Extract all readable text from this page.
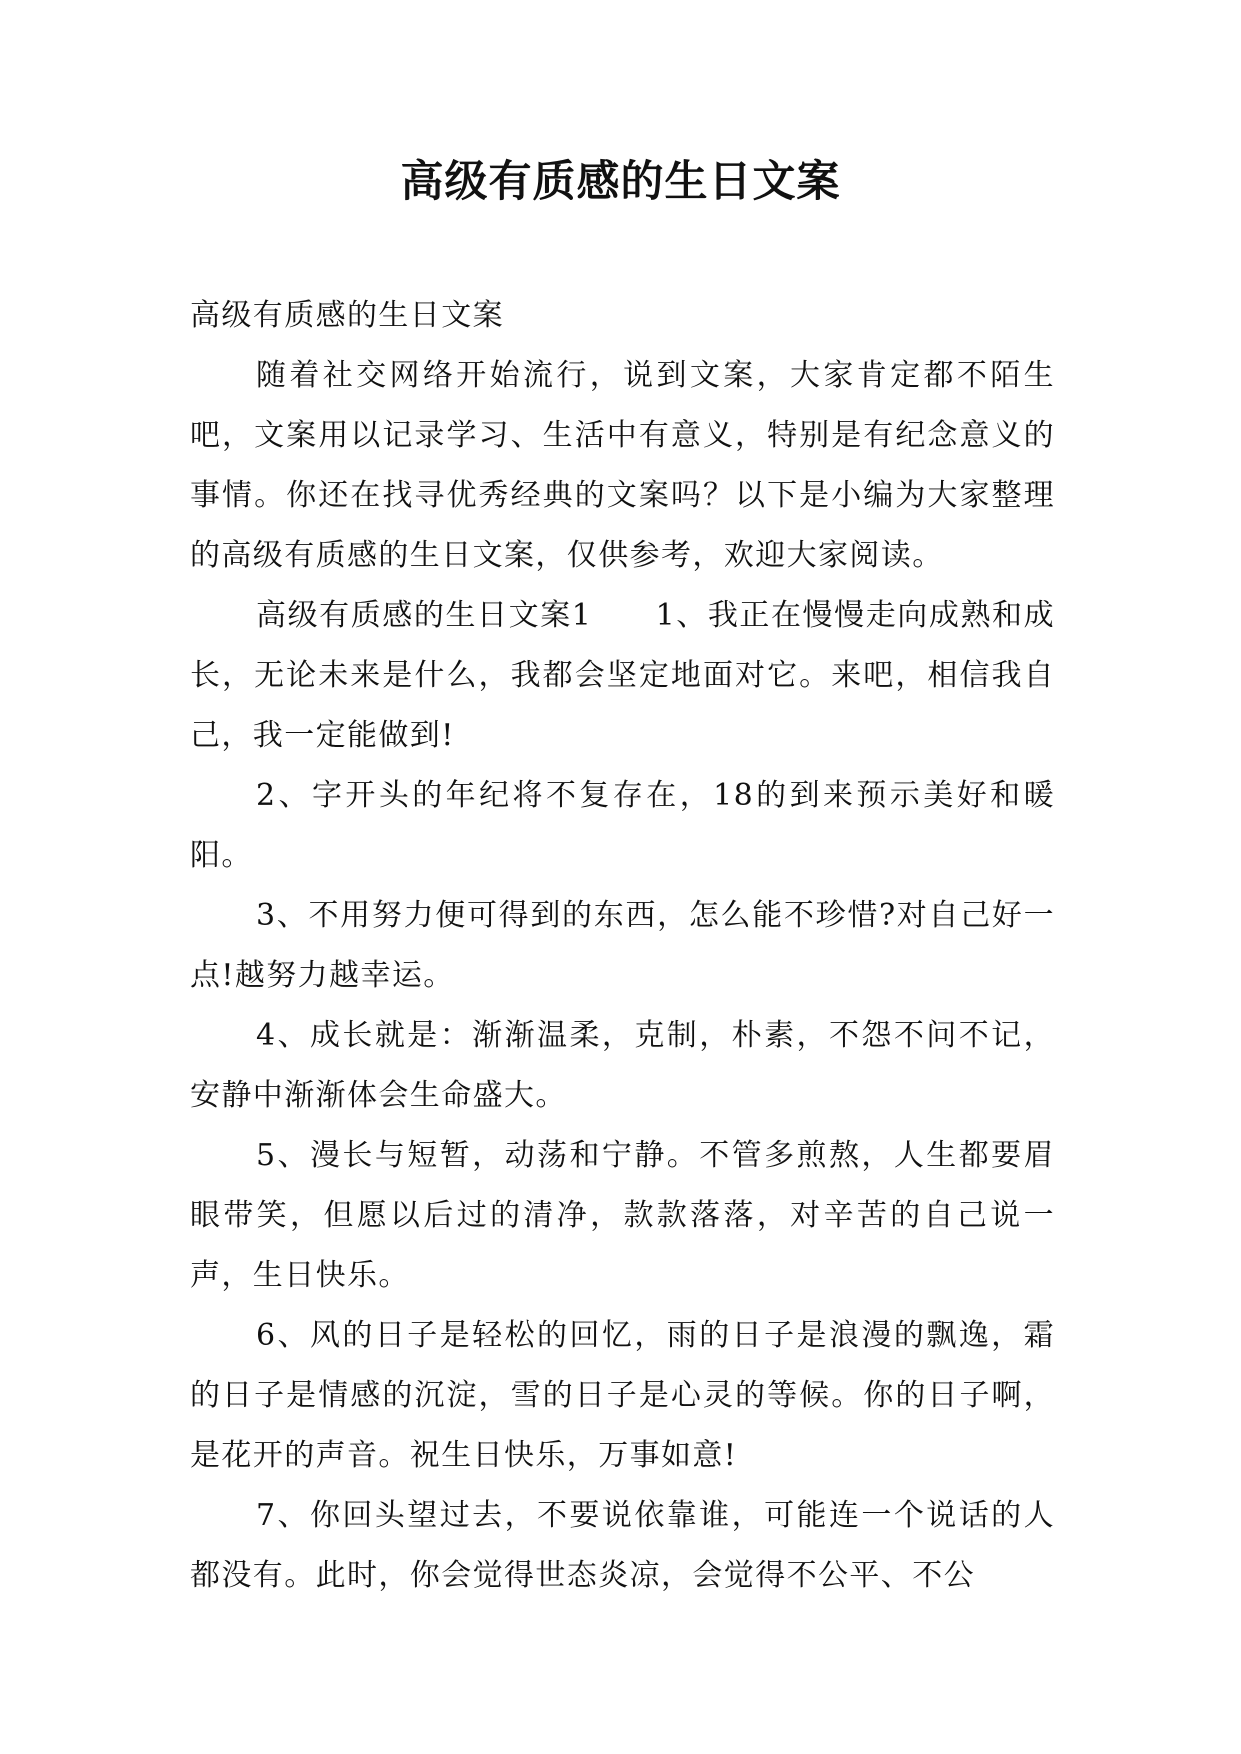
高级有质感的生日文案

高级有质感的生日文案

随着社交网络开始流行，说到文案，大家肯定都不陌生吧，文案用以记录学习、生活中有意义，特别是有纪念意义的事情。你还在找寻优秀经典的文案吗？以下是小编为大家整理的高级有质感的生日文案，仅供参考，欢迎大家阅读。

高级有质感的生日文案1　　1、我正在慢慢走向成熟和成长，无论未来是什么，我都会坚定地面对它。来吧，相信我自己，我一定能做到!

2、字开头的年纪将不复存在，18的到来预示美好和暖阳。

3、不用努力便可得到的东西，怎么能不珍惜?对自己好一点!越努力越幸运。

4、成长就是：渐渐温柔，克制，朴素，不怨不问不记，安静中渐渐体会生命盛大。

5、漫长与短暂，动荡和宁静。不管多煎熬，人生都要眉眼带笑，但愿以后过的清净，款款落落，对辛苦的自己说一声，生日快乐。

6、风的日子是轻松的回忆，雨的日子是浪漫的飘逸，霜的日子是情感的沉淀，雪的日子是心灵的等候。你的日子啊，是花开的声音。祝生日快乐，万事如意!

7、你回头望过去，不要说依靠谁，可能连一个说话的人都没有。此时，你会觉得世态炎凉，会觉得不公平、不公
